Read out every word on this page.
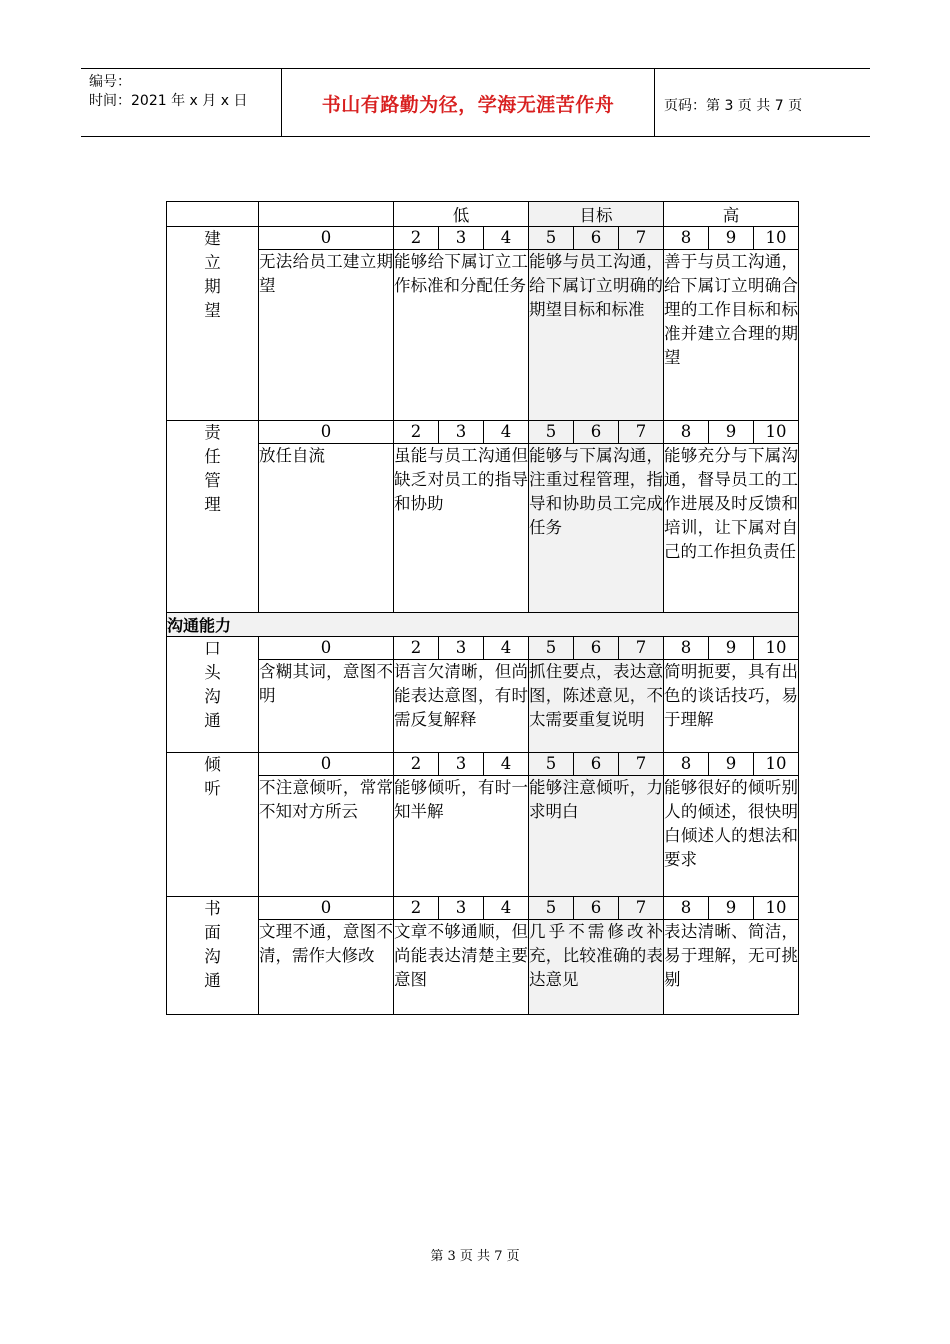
编号：
时间：2021 年 x 月 x 日	书山有路勤为径，学海无涯苦作舟	页码：第 3 页 共 7 页
		低			目标			高		

建立期望	0	2	3	4	5	6	7	8	9	10
	无法给员工建立期望	能够给下属订立工作标准和分配任务			能够与员工沟通，给下属订立明确的期望目标和标准			善于与员工沟通，给下属订立明确合理的工作目标和标准并建立合理的期望		

责任管理	0	2	3	4	5	6	7	8	9	10
	放任自流	虽能与员工沟通但缺乏对员工的指导和协助			能够与下属沟通，注重过程管理，指导和协助员工完成任务			能够充分与下属沟通，督导员工的工作进展及时反馈和培训，让下属对自己的工作担负责任		
沟通能力										

口头沟通	0	2	3	4	5	6	7	8	9	10
	含糊其词，意图不明	语言欠清晰，但尚能表达意图，有时需反复解释			抓住要点，表达意图，陈述意见，不太需要重复说明			简明扼要，具有出色的谈话技巧，易于理解		

倾听	0	2	3	4	5	6	7	8	9	10
	不注意倾听，常常不知对方所云	能够倾听，有时一知半解			能够注意倾听，力求明白			能够很好的倾听别人的倾述，很快明白倾述人的想法和要求		

书面沟通	0	2	3	4	5	6	7	8	9	10
	文理不通，意图不清，需作大修改	文章不够通顺，但尚能表达清楚主要意图			几乎不需修改补充，比较准确的表达意见			表达清晰、简洁，易于理解，无可挑剔		
第 3 页 共 7 页
